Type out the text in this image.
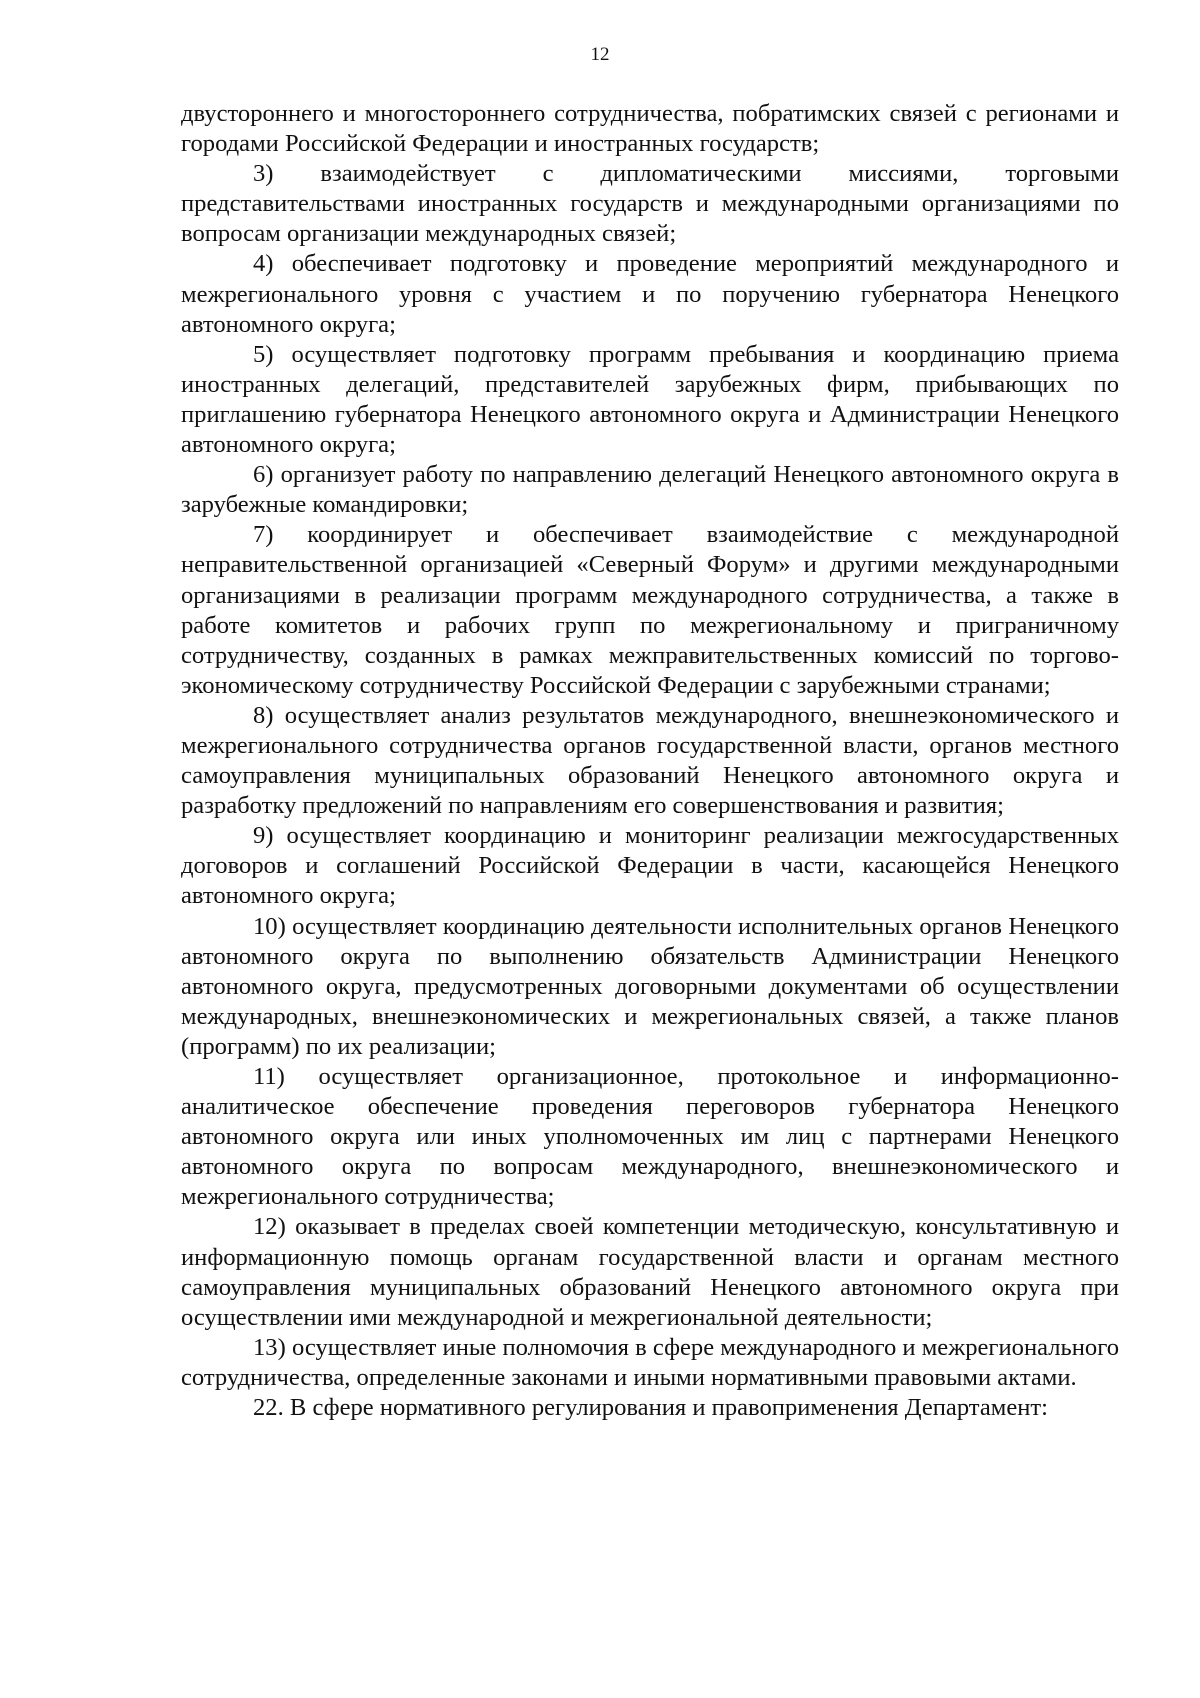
12

двустороннего и многостороннего сотрудничества, побратимских связей с регионами и городами Российской Федерации и иностранных государств;

3) взаимодействует с дипломатическими миссиями, торговыми представительствами иностранных государств и международными организациями по вопросам организации международных связей;

4) обеспечивает подготовку и проведение мероприятий международного и межрегионального уровня с участием и по поручению губернатора Ненецкого автономного округа;

5) осуществляет подготовку программ пребывания и координацию приема иностранных делегаций, представителей зарубежных фирм, прибывающих по приглашению губернатора Ненецкого автономного округа и Администрации Ненецкого автономного округа;

6) организует работу по направлению делегаций Ненецкого автономного округа в зарубежные командировки;

7) координирует и обеспечивает взаимодействие с международной неправительственной организацией «Северный Форум» и другими международными организациями в реализации программ международного сотрудничества, а также в работе комитетов и рабочих групп по межрегиональному и приграничному сотрудничеству, созданных в рамках межправительственных комиссий по торгово-экономическому сотрудничеству Российской Федерации с зарубежными странами;

8) осуществляет анализ результатов международного, внешнеэкономического и межрегионального сотрудничества органов государственной власти, органов местного самоуправления муниципальных образований Ненецкого автономного округа и разработку предложений по направлениям его совершенствования и развития;

9) осуществляет координацию и мониторинг реализации межгосударственных договоров и соглашений Российской Федерации в части, касающейся Ненецкого автономного округа;

10) осуществляет координацию деятельности исполнительных органов Ненецкого автономного округа по выполнению обязательств Администрации Ненецкого автономного округа, предусмотренных договорными документами об осуществлении международных, внешнеэкономических и межрегиональных связей, а также планов (программ) по их реализации;

11) осуществляет организационное, протокольное и информационно-аналитическое обеспечение проведения переговоров губернатора Ненецкого автономного округа или иных уполномоченных им лиц с партнерами Ненецкого автономного округа по вопросам международного, внешнеэкономического и межрегионального сотрудничества;

12) оказывает в пределах своей компетенции методическую, консультативную и информационную помощь органам государственной власти и органам местного самоуправления муниципальных образований Ненецкого автономного округа при осуществлении ими международной и межрегиональной деятельности;

13) осуществляет иные полномочия в сфере международного и межрегионального сотрудничества, определенные законами и иными нормативными правовыми актами.

22. В сфере нормативного регулирования и правоприменения Департамент:
